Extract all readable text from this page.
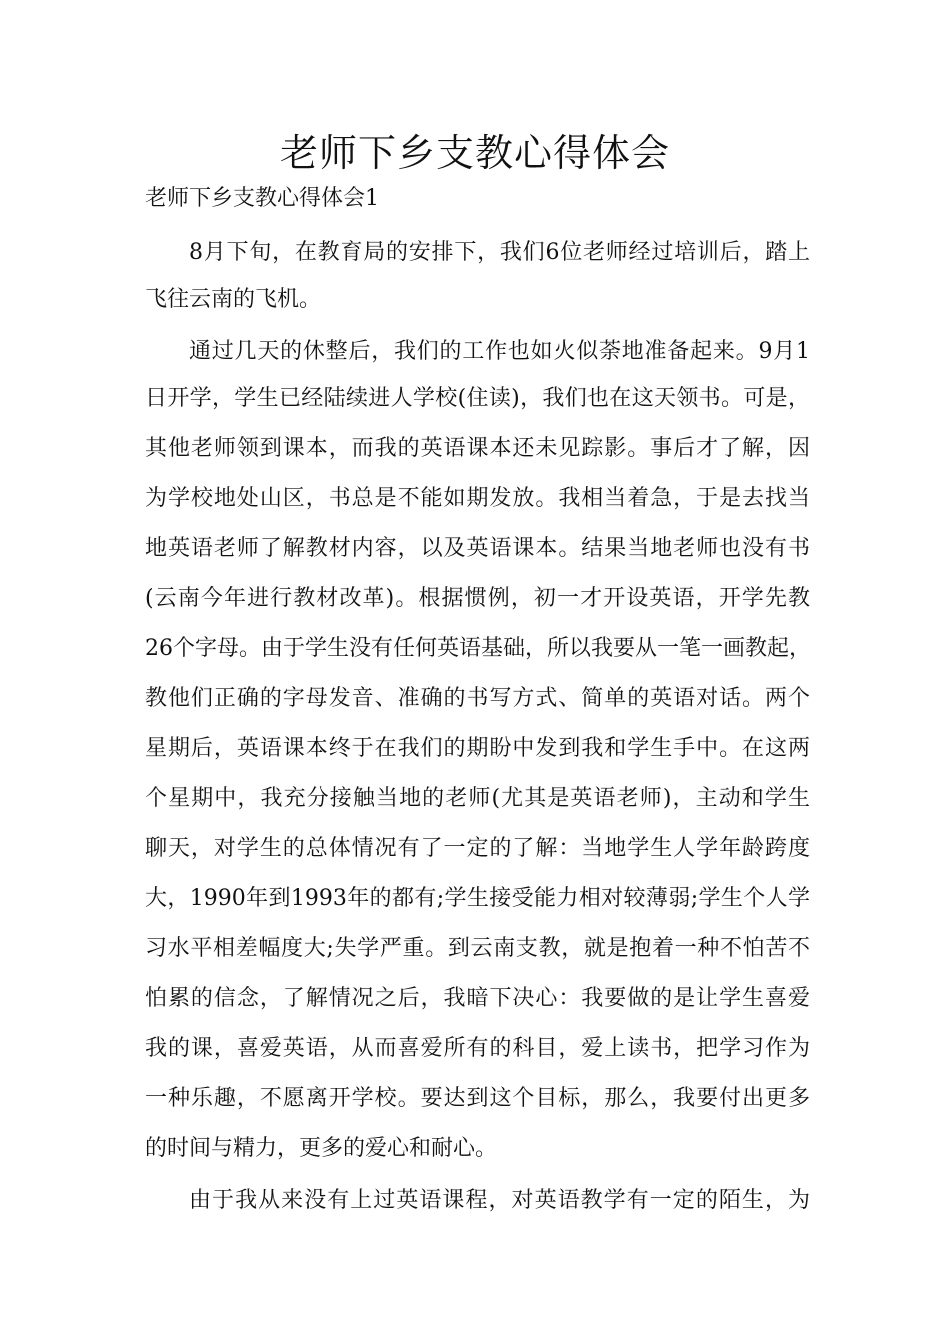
老师下乡支教心得体会

老师下乡支教心得体会1

8月下旬，在教育局的安排下，我们6位老师经过培训后，踏上

飞往云南的飞机。

通过几天的休整后，我们的工作也如火似荼地准备起来。9月1

日开学，学生已经陆续进人学校(住读)，我们也在这天领书。可是，

其他老师领到课本，而我的英语课本还未见踪影。事后才了解，因

为学校地处山区，书总是不能如期发放。我相当着急，于是去找当

地英语老师了解教材内容，以及英语课本。结果当地老师也没有书

(云南今年进行教材改革)。根据惯例，初一才开设英语，开学先教

26个字母。由于学生没有任何英语基础，所以我要从一笔一画教起，

教他们正确的字母发音、准确的书写方式、简单的英语对话。两个

星期后，英语课本终于在我们的期盼中发到我和学生手中。在这两

个星期中，我充分接触当地的老师(尤其是英语老师)，主动和学生

聊天，对学生的总体情况有了一定的了解：当地学生人学年龄跨度

大，1990年到1993年的都有;学生接受能力相对较薄弱;学生个人学

习水平相差幅度大;失学严重。到云南支教，就是抱着一种不怕苦不

怕累的信念，了解情况之后，我暗下决心：我要做的是让学生喜爱

我的课，喜爱英语，从而喜爱所有的科目，爱上读书，把学习作为

一种乐趣，不愿离开学校。要达到这个目标，那么，我要付出更多

的时间与精力，更多的爱心和耐心。

由于我从来没有上过英语课程，对英语教学有一定的陌生，为
